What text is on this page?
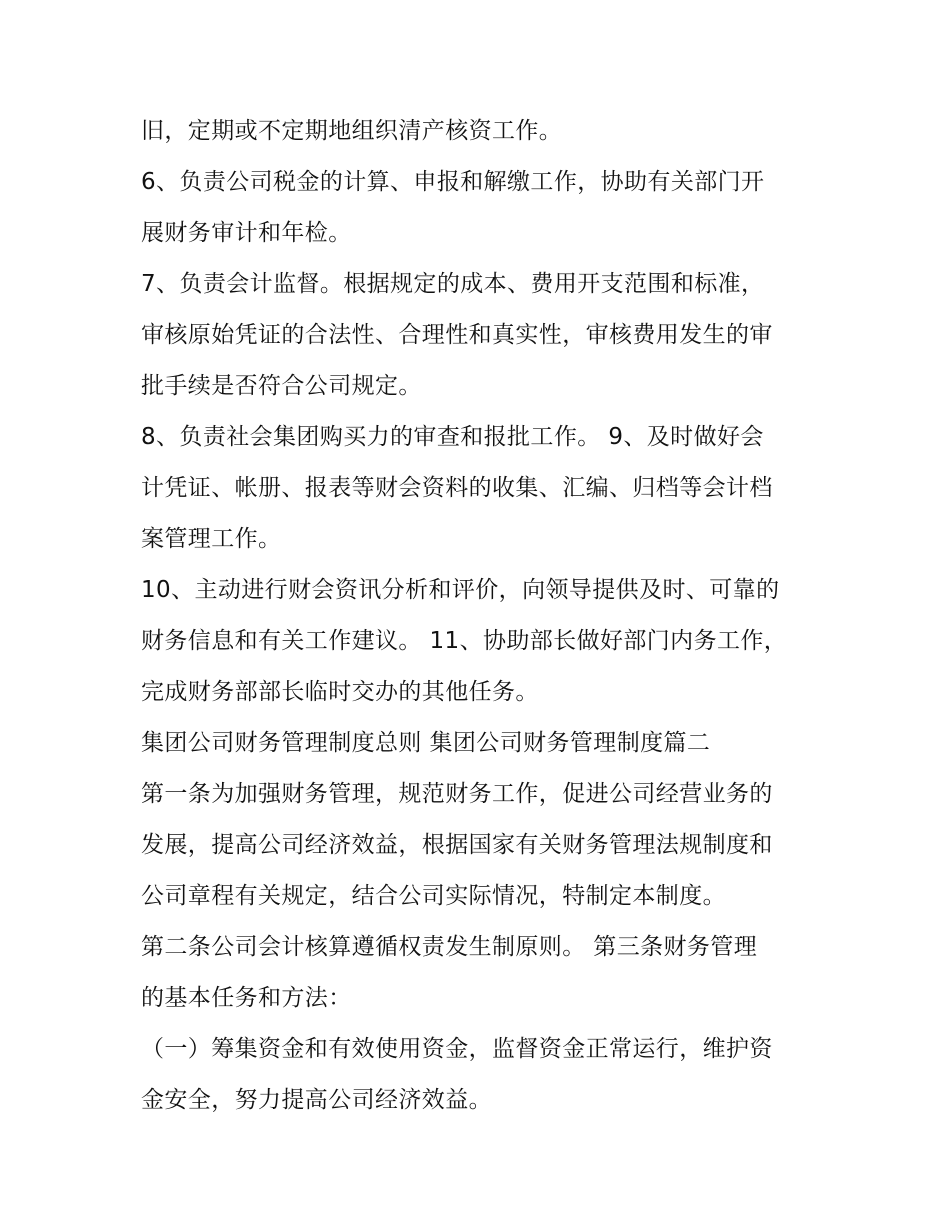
旧，定期或不定期地组织清产核资工作。
6、负责公司税金的计算、申报和解缴工作，协助有关部门开
展财务审计和年检。
7、负责会计监督。根据规定的成本、费用开支范围和标准，
审核原始凭证的合法性、合理性和真实性，审核费用发生的审
批手续是否符合公司规定。
8、负责社会集团购买力的审查和报批工作。 9、及时做好会
计凭证、帐册、报表等财会资料的收集、汇编、归档等会计档
案管理工作。
10、主动进行财会资讯分析和评价，向领导提供及时、可靠的
财务信息和有关工作建议。 11、协助部长做好部门内务工作，
完成财务部部长临时交办的其他任务。
集团公司财务管理制度总则 集团公司财务管理制度篇二
第一条为加强财务管理，规范财务工作，促进公司经营业务的
发展，提高公司经济效益，根据国家有关财务管理法规制度和
公司章程有关规定，结合公司实际情况，特制定本制度。
第二条公司会计核算遵循权责发生制原则。 第三条财务管理
的基本任务和方法：
（一）筹集资金和有效使用资金，监督资金正常运行，维护资
金安全，努力提高公司经济效益。
